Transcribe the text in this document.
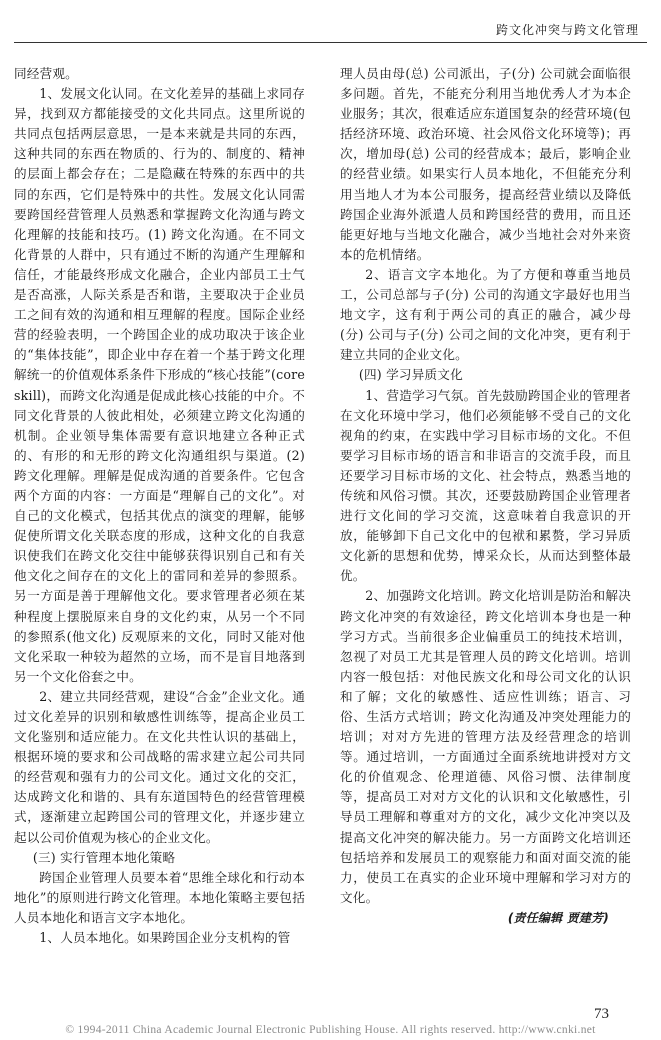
跨文化冲突与跨文化管理

同经营观。

1、发展文化认同。在文化差异的基础上求同存异，找到双方都能接受的文化共同点。这里所说的共同点包括两层意思，一是本来就是共同的东西，这种共同的东西在物质的、行为的、制度的、精神的层面上都会存在；二是隐藏在特殊的东西中的共同的东西，它们是特殊中的共性。发展文化认同需要跨国经营管理人员熟悉和掌握跨文化沟通与跨文化理解的技能和技巧。(1) 跨文化沟通。在不同文化背景的人群中，只有通过不断的沟通产生理解和信任，才能最终形成文化融合，企业内部员工士气是否高涨，人际关系是否和谐，主要取决于企业员工之间有效的沟通和相互理解的程度。国际企业经营的经验表明，一个跨国企业的成功取决于该企业的“集体技能”，即企业中存在着一个基于跨文化理解统一的价值观体系条件下形成的“核心技能”(core skill)，而跨文化沟通是促成此核心技能的中介。不同文化背景的人彼此相处，必须建立跨文化沟通的机制。企业领导集体需要有意识地建立各种正式的、有形的和无形的跨文化沟通组织与渠道。(2) 跨文化理解。理解是促成沟通的首要条件。它包含两个方面的内容：一方面是“理解自己的文化”。对自己的文化模式，包括其优点的演变的理解，能够促使所谓文化关联态度的形成，这种文化的自我意识使我们在跨文化交往中能够获得识别自己和有关他文化之间存在的文化上的雷同和差异的参照系。另一方面是善于理解他文化。要求管理者必须在某种程度上摆脱原来自身的文化约束，从另一个不同的参照系(他文化) 反观原来的文化，同时又能对他文化采取一种较为超然的立场，而不是盲目地落到另一个文化俗套之中。

2、建立共同经营观，建设“合金”企业文化。通过文化差异的识别和敏感性训练等，提高企业员工文化鉴别和适应能力。在文化共性认识的基础上，根据环境的要求和公司战略的需求建立起公司共同的经营观和强有力的公司文化。通过文化的交汇，达成跨文化和谐的、具有东道国特色的经营管理模式，逐渐建立起跨国公司的管理文化，并逐步建立起以公司价值观为核心的企业文化。

(三) 实行管理本地化策略

跨国企业管理人员要本着“思维全球化和行动本地化”的原则进行跨文化管理。本地化策略主要包括人员本地化和语言文字本地化。

1、人员本地化。如果跨国企业分支机构的管

理人员由母(总) 公司派出，子(分) 公司就会面临很多问题。首先，不能充分利用当地优秀人才为本企业服务；其次，很难适应东道国复杂的经营环境(包括经济环境、政治环境、社会风俗文化环境等)；再次，增加母(总) 公司的经营成本；最后，影响企业的经营业绩。如果实行人员本地化，不但能充分利用当地人才为本公司服务，提高经营业绩以及降低跨国企业海外派遣人员和跨国经营的费用，而且还能更好地与当地文化融合，减少当地社会对外来资本的危机情绪。

2、语言文字本地化。为了方便和尊重当地员工，公司总部与子(分) 公司的沟通文字最好也用当地文字，这有利于两公司的真正的融合，减少母(分) 公司与子(分) 公司之间的文化冲突，更有利于建立共同的企业文化。

(四) 学习异质文化

1、营造学习气氛。首先鼓励跨国企业的管理者在文化环境中学习，他们必须能够不受自己的文化视角的约束，在实践中学习目标市场的文化。不但要学习目标市场的语言和非语言的交流手段，而且还要学习目标市场的文化、社会特点，熟悉当地的传统和风俗习惯。其次，还要鼓励跨国企业管理者进行文化间的学习交流，这意味着自我意识的开放，能够卸下自己文化中的包袱和累赘，学习异质文化新的思想和优势，博采众长，从而达到整体最优。

2、加强跨文化培训。跨文化培训是防治和解决跨文化冲突的有效途径，跨文化培训本身也是一种学习方式。当前很多企业偏重员工的纯技术培训，忽视了对员工尤其是管理人员的跨文化培训。培训内容一般包括：对他民族文化和母公司文化的认识和了解；文化的敏感性、适应性训练；语言、习俗、生活方式培训；跨文化沟通及冲突处理能力的培训；对对方先进的管理方法及经营理念的培训等。通过培训，一方面通过全面系统地讲授对方文化的价值观念、伦理道德、风俗习惯、法律制度等，提高员工对对方文化的认识和文化敏感性，引导员工理解和尊重对方的文化，减少文化冲突以及提高文化冲突的解决能力。另一方面跨文化培训还包括培养和发展员工的观察能力和面对面交流的能力，使员工在真实的企业环境中理解和学习对方的文化。

(责任编辑 贾建芳)

73
© 1994-2011 China Academic Journal Electronic Publishing House. All rights reserved. http://www.cnki.net
